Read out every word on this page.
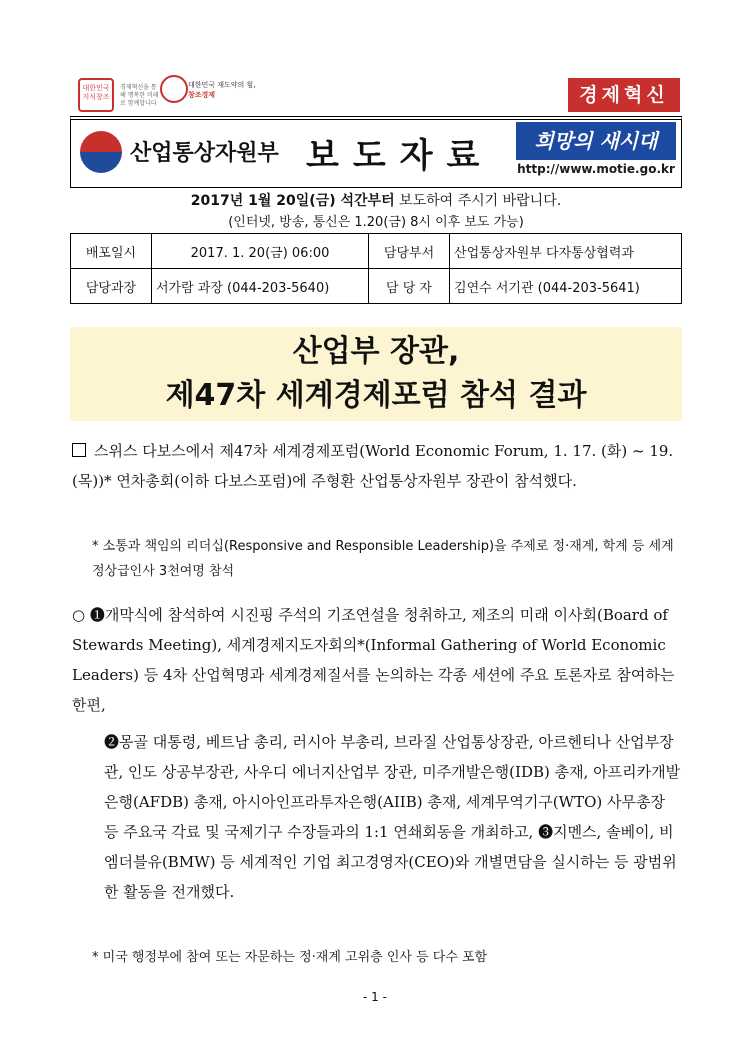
대한민국 지식창조
경제혁신을 통해 행복한 미래로 함께합니다
대한민국 재도약의 힘,
창조경제	경제혁신
산업통상자원부 보도자료	희망의 새시대
http://www.motie.go.kr
2017년 1월 20일(금) 석간부터 보도하여 주시기 바랍니다.
(인터넷, 방송, 통신은 1.20(금) 8시 이후 보도 가능)
배포일시	2017. 1. 20(금) 06:00	담당부서	산업통상자원부 다자통상협력과
담당과장	서가람 과장 (044-203-5640)	담 당 자	김연수 서기관 (044-203-5641)
산업부 장관,
제47차 세계경제포럼 참석 결과
스위스 다보스에서 제47차 세계경제포럼(World Economic Forum, 1. 17. (화) ~ 19. (목))* 연차총회(이하 다보스포럼)에 주형환 산업통상자원부 장관이 참석했다.
* 소통과 책임의 리더십(Responsive and Responsible Leadership)을 주제로 정·재계, 학계 등 세계 정상급인사 3천여명 참석
○ ❶개막식에 참석하여 시진핑 주석의 기조연설을 청취하고, 제조의 미래 이사회(Board of Stewards Meeting), 세계경제지도자회의*(Informal Gathering of World Economic Leaders) 등 4차 산업혁명과 세계경제질서를 논의하는 각종 세션에 주요 토론자로 참여하는 한편,
❷몽골 대통령, 베트남 총리, 러시아 부총리, 브라질 산업통상장관, 아르헨티나 산업부장관, 인도 상공부장관, 사우디 에너지산업부 장관, 미주개발은행(IDB) 총재, 아프리카개발은행(AFDB) 총재, 아시아인프라투자은행(AIIB) 총재, 세계무역기구(WTO) 사무총장 등 주요국 각료 및 국제기구 수장들과의 1:1 연쇄회동을 개최하고, ❸지멘스, 솔베이, 비엠더블유(BMW) 등 세계적인 기업 최고경영자(CEO)와 개별면담을 실시하는 등 광범위한 활동을 전개했다.
* 미국 행정부에 참여 또는 자문하는 정·재계 고위층 인사 등 다수 포함
- 1 -
